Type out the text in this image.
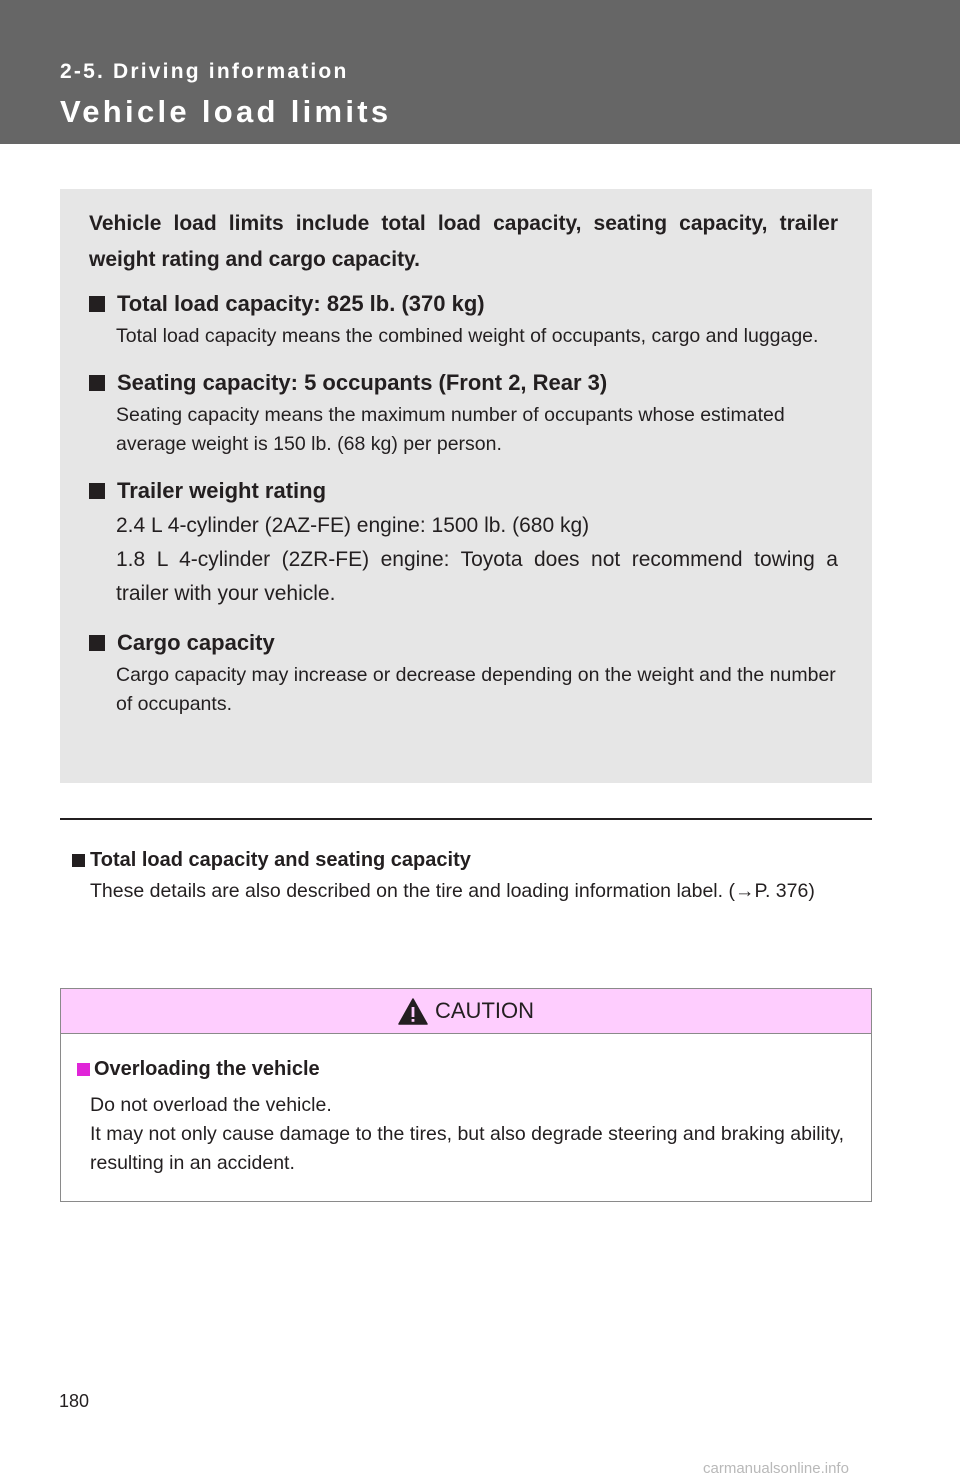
2-5. Driving information
Vehicle load limits

Vehicle load limits include total load capacity, seating capacity, trailer weight rating and cargo capacity.

Total load capacity: 825 lb. (370 kg)
Total load capacity means the combined weight of occupants, cargo and luggage.
Seating capacity: 5 occupants (Front 2, Rear 3)
Seating capacity means the maximum number of occupants whose estimated average weight is 150 lb. (68 kg) per person.
Trailer weight rating
2.4 L 4-cylinder (2AZ-FE) engine: 1500 lb. (680 kg)
1.8 L 4-cylinder (2ZR-FE) engine: Toyota does not recommend towing a trailer with your vehicle.
Cargo capacity
Cargo capacity may increase or decrease depending on the weight and the number of occupants.
Total load capacity and seating capacity
These details are also described on the tire and loading information label. (→P. 376)
CAUTION
Overloading the vehicle
Do not overload the vehicle.
It may not only cause damage to the tires, but also degrade steering and braking ability, resulting in an accident.
180
carmanualsonline.info
